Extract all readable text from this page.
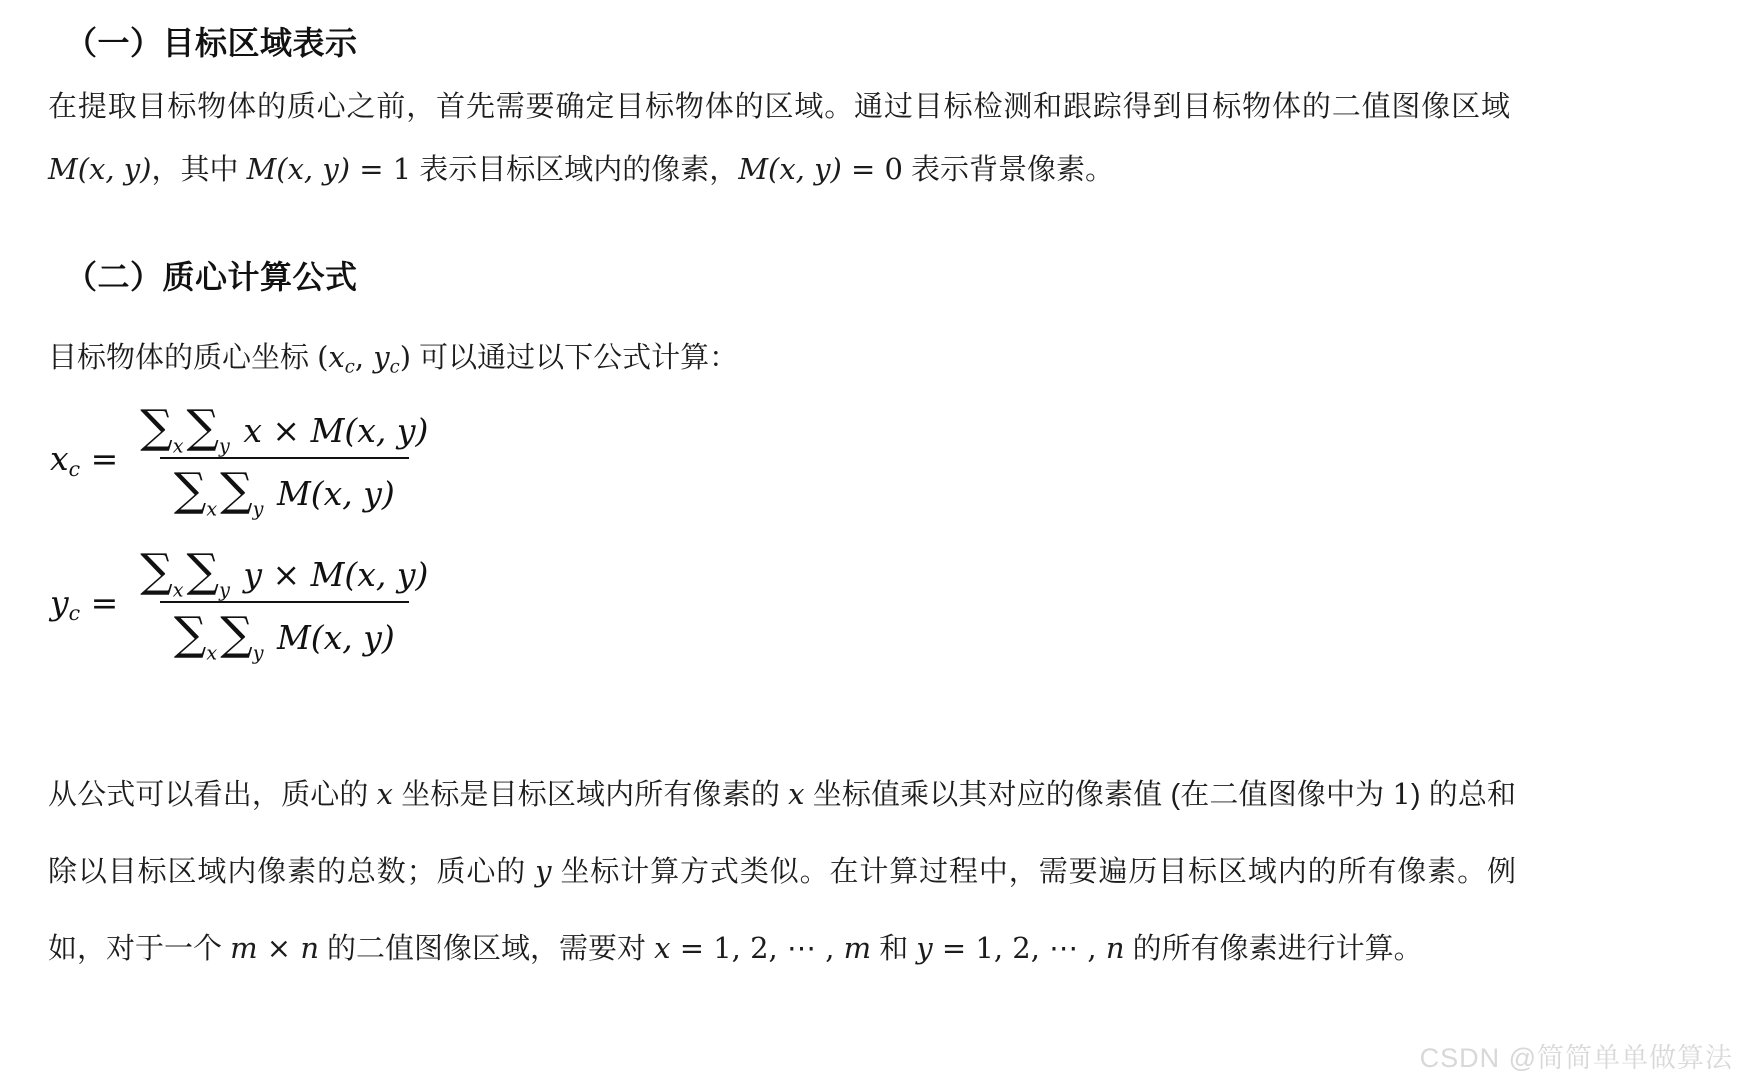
（一）目标区域表示

在提取目标物体的质心之前，首先需要确定目标物体的区域。通过目标检测和跟踪得到目标物体的二值图像区域 M(x, y)，其中 M(x, y) = 1 表示目标区域内的像素，M(x, y) = 0 表示背景像素。

（二）质心计算公式

目标物体的质心坐标 ($x_c$, $y_c$) 可以通过以下公式计算：

$x_c = \frac{\sum_x\sum_y x \times M(x, y)}{\sum_x\sum_y M(x, y)}$
$y_c = \frac{\sum_x\sum_y y \times M(x, y)}{\sum_x\sum_y M(x, y)}$

从公式可以看出，质心的 x 坐标是目标区域内所有像素的 x 坐标值乘以其对应的像素值 (在二值图像中为 1) 的总和除以目标区域内像素的总数；质心的 y 坐标计算方式类似。在计算过程中，需要遍历目标区域内的所有像素。例如，对于一个 m × n 的二值图像区域，需要对 x = 1, 2, ⋯ , m 和 y = 1, 2, ⋯ , n 的所有像素进行计算。

CSDN @简简单单做算法
